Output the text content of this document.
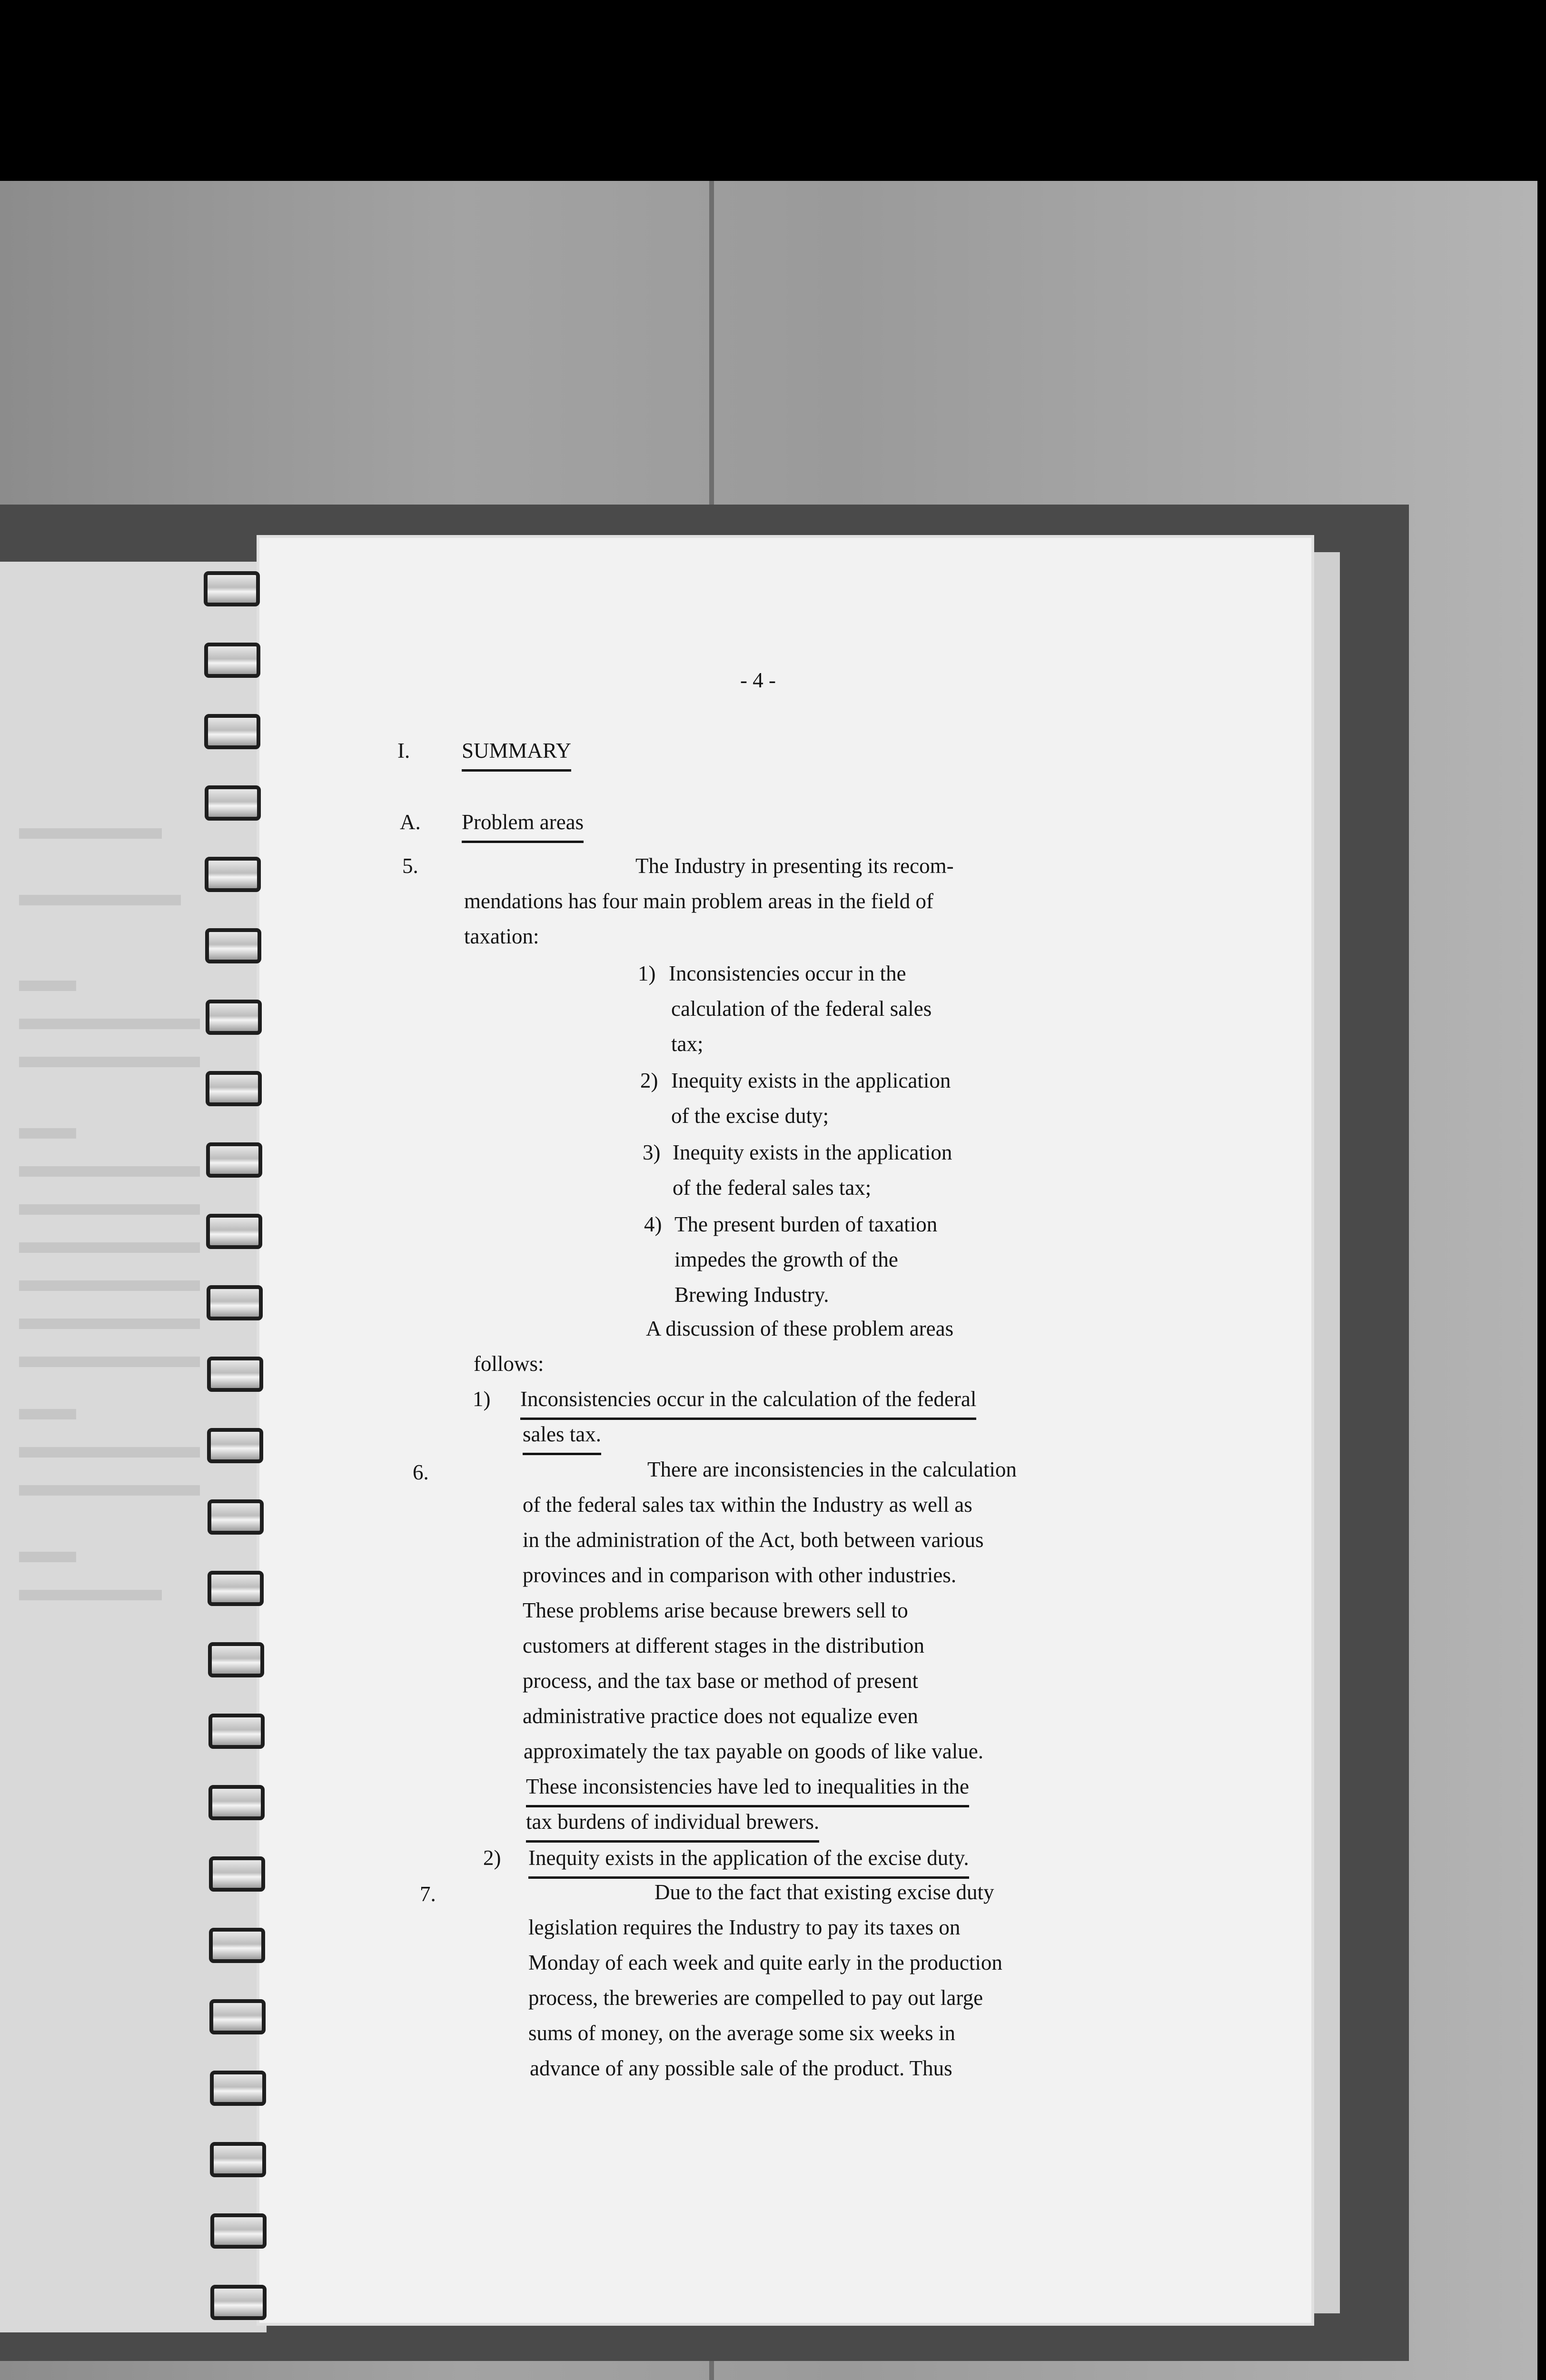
- 4 -
I. SUMMARY
A. Problem areas
5.	The Industry in presenting its recom-
mendations has four main problem areas in the field of
taxation:
1) Inconsistencies occur in the
calculation of the federal sales
tax;
2) Inequity exists in the application
of the excise duty;
3) Inequity exists in the application
of the federal sales tax;
4) The present burden of taxation
impedes the growth of the
Brewing Industry.
A discussion of these problem areas
follows:
1) Inconsistencies occur in the calculation of the federal
sales tax.
6.	There are inconsistencies in the calculation
of the federal sales tax within the Industry as well as
in the administration of the Act, both between various
provinces and in comparison with other industries.
These problems arise because brewers sell to
customers at different stages in the distribution
process, and the tax base or method of present
administrative practice does not equalize even
approximately the tax payable on goods of like value.
These inconsistencies have led to inequalities in the
tax burdens of individual brewers.
2) Inequity exists in the application of the excise duty.
7.	Due to the fact that existing excise duty
legislation requires the Industry to pay its taxes on
Monday of each week and quite early in the production
process, the breweries are compelled to pay out large
sums of money, on the average some six weeks in
advance of any possible sale of the product. Thus
